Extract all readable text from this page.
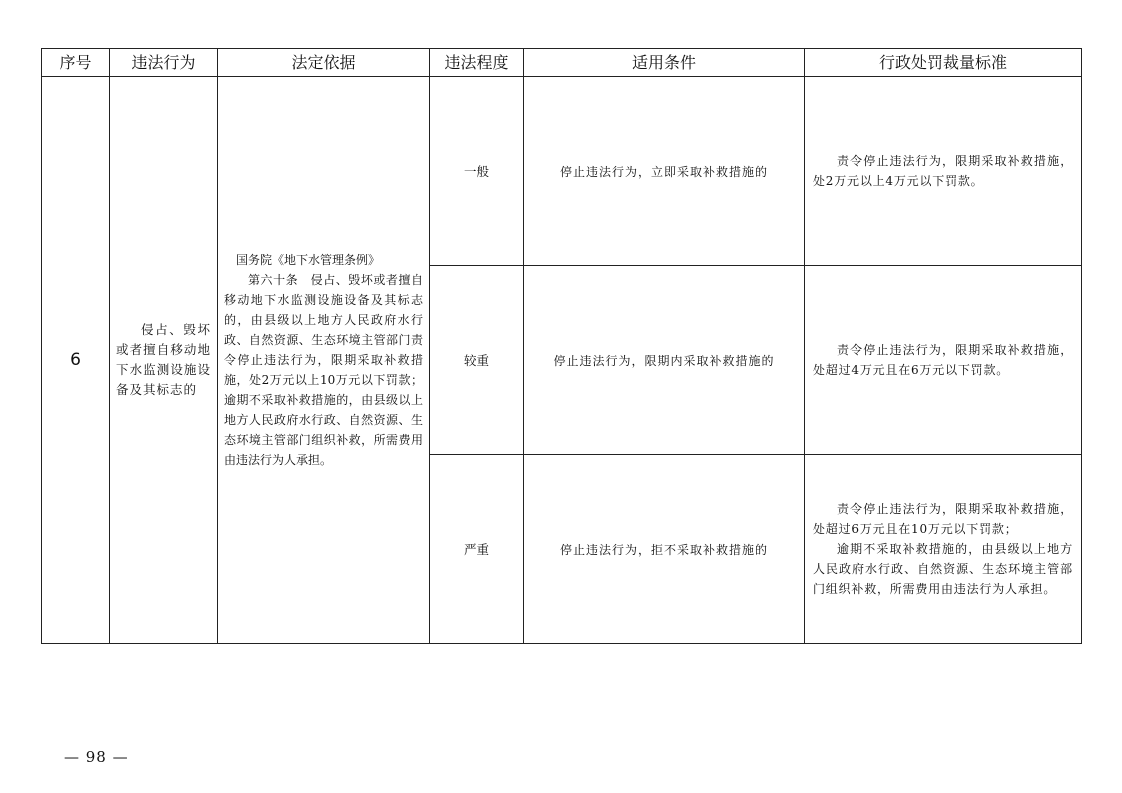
序号	违法行为	法定依据	违法程度	适用条件	行政处罚裁量标准
6	侵占、毁坏或者擅自移动地下水监测设施设备及其标志的	国务院《地下水管理条例》
第六十条　侵占、毁坏或者擅自移动地下水监测设施设备及其标志的，由县级以上地方人民政府水行政、自然资源、生态环境主管部门责令停止违法行为，限期采取补救措施，处2万元以上10万元以下罚款；逾期不采取补救措施的，由县级以上地方人民政府水行政、自然资源、生态环境主管部门组织补救，所需费用由违法行为人承担。	一般	停止违法行为，立即采取补救措施的	责令停止违法行为，限期采取补救措施，处2万元以上4万元以下罚款。

			较重	停止违法行为，限期内采取补救措施的	责令停止违法行为，限期采取补救措施，处超过4万元且在6万元以下罚款。

			严重	停止违法行为，拒不采取补救措施的	责令停止违法行为，限期采取补救措施，处超过6万元且在10万元以下罚款；
逾期不采取补救措施的，由县级以上地方人民政府水行政、自然资源、生态环境主管部门组织补救，所需费用由违法行为人承担。
— 98 —
